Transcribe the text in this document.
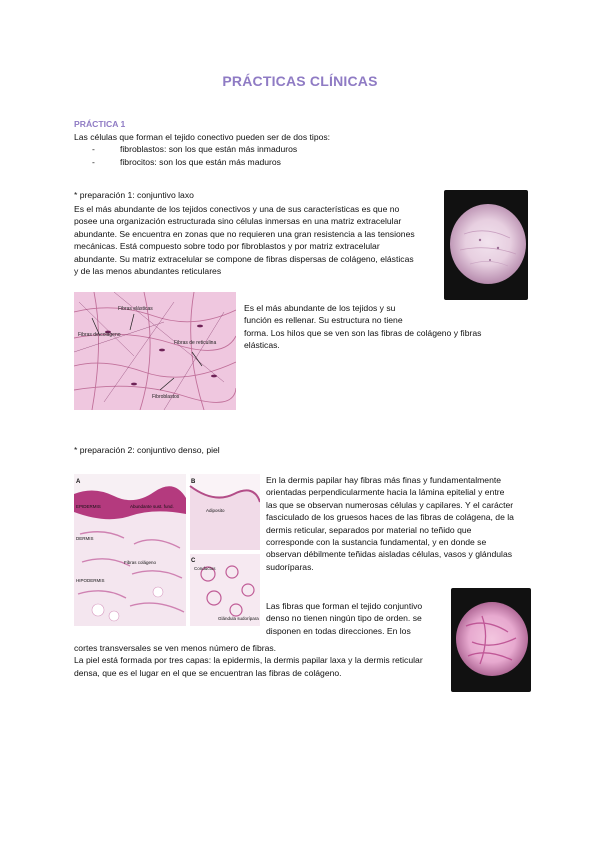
PRÁCTICAS CLÍNICAS
PRÁCTICA 1

Las células que forman el tejido conectivo pueden ser de dos tipos:

- fibroblastos: son los que están más inmaduros
- fibrocitos: son los que están más maduros
* preparación 1: conjuntivo laxo
Es el más abundante de los tejidos conectivos y una de sus características es que no
posee una organización estructurada sino células inmersas en una matriz extracelular
abundante. Se encuentra en zonas que no requieren una gran resistencia a las tensiones
mecánicas. Está compuesto sobre todo por fibroblastos y por matriz extracelular
abundante. Su matriz extracelular se compone de fibras dispersas de colágeno, elásticas
y de las menos abundantes reticulares
Fibras de colágeno
Fibras elásticas
Fibras de reticulina
Fibroblastos
Es el más abundante de los tejidos y su
función es rellenar. Su estructura no tiene
forma. Los hilos que se ven son las fibras de colágeno y fibras
elásticas.
* preparación 2: conjuntivo denso, piel
A	B
C
EPIDERMIS
DERMIS
HIPODERMIS
Abundante sust. fund.
Adiposito
Fibras colágeno
Conductos
Glándula sudorípara
En la dermis papilar hay fibras más finas y fundamentalmente
orientadas perpendicularmente hacia la lámina epitelial y entre
las que se observan numerosas células y capilares. Y el carácter
fasciculado de los gruesos haces de las fibras de colágena, de la
dermis reticular, separados por material no teñido que
corresponde con la sustancia fundamental, y en donde se
observan débilmente teñidas aisladas células, vasos y glándulas
sudoríparas.
Las fibras que forman el tejido conjuntivo
denso no tienen ningún tipo de orden. se
disponen en todas direcciones. En los
cortes transversales se ven menos número de fibras.
La piel está formada por tres capas: la epidermis, la dermis papilar laxa y la dermis reticular
densa, que es el lugar en el que se encuentran las fibras de colágeno.
